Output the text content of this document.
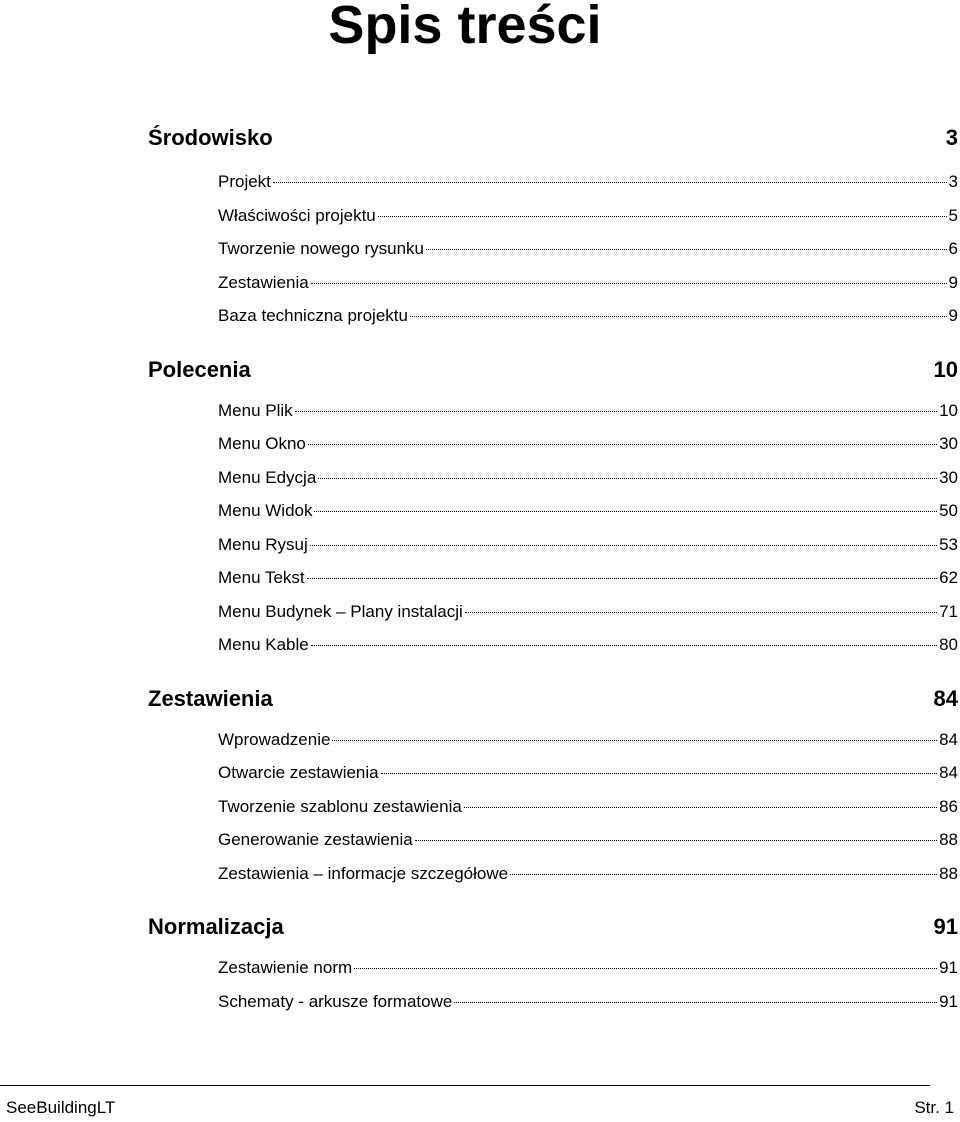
Spis treści
Środowisko	3
Projekt	3
Właściwości projektu	5
Tworzenie nowego rysunku	6
Zestawienia	9
Baza techniczna projektu	9
Polecenia	10
Menu Plik	10
Menu Okno	30
Menu Edycja	30
Menu Widok	50
Menu Rysuj	53
Menu Tekst	62
Menu Budynek – Plany instalacji	71
Menu Kable	80
Zestawienia	84
Wprowadzenie	84
Otwarcie zestawienia	84
Tworzenie szablonu zestawienia	86
Generowanie zestawienia	88
Zestawienia – informacje szczegółowe	88
Normalizacja	91
Zestawienie norm	91
Schematy - arkusze formatowe	91
SeeBuildingLT	Str. 1
